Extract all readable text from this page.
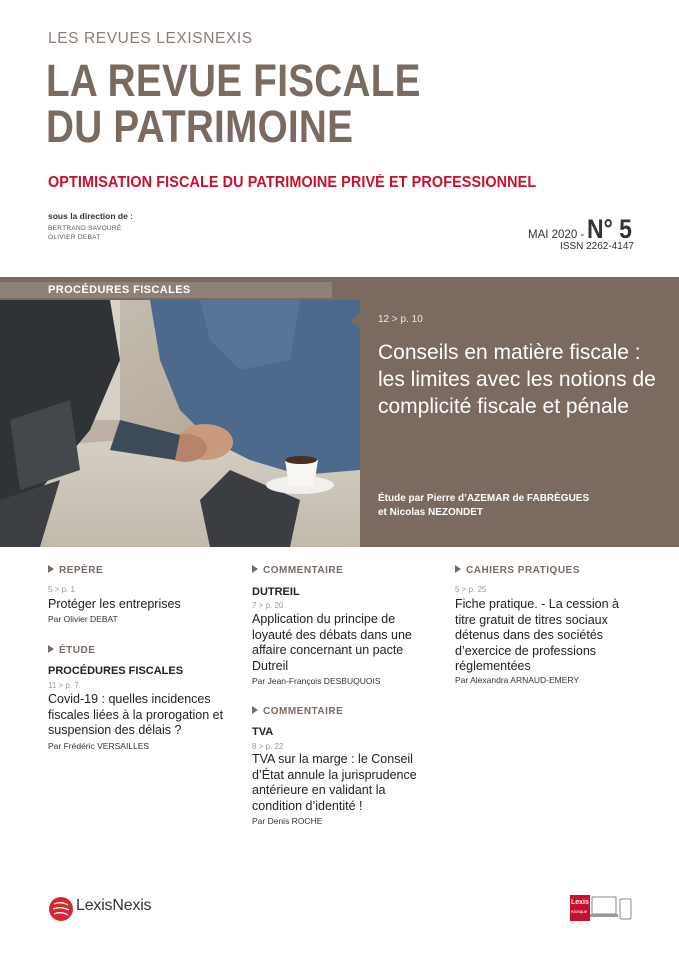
LES REVUES LEXISNEXIS
LA REVUE FISCALE
DU PATRIMOINE
OPTIMISATION FISCALE DU PATRIMOINE PRIVÉ ET PROFESSIONNEL
sous la direction de :
BERTRAND SAVOURÉ
OLIVIER DEBAT	MAI 2020 - N° 5
ISSN 2262-4147
PROCÉDURES FISCALES
12 > p. 10
Conseils en matière fiscale : les limites avec les notions de complicité fiscale et pénale
Étude par Pierre d’AZEMAR de FABRÈGUES
et Nicolas NEZONDET
REPÈRE
5 > p. 1
Protéger les entreprises
Par Olivier DEBAT
ÉTUDE
PROCÉDURES FISCALES
11 > p. 7
Covid-19 : quelles incidences fiscales liées à la prorogation et suspension des délais ?
Par Frédéric VERSAILLES
COMMENTAIRE
DUTREIL
7 > p. 20
Application du principe de loyauté des débats dans une affaire concernant un pacte Dutreil
Par Jean-François DESBUQUOIS
COMMENTAIRE
TVA
8 > p. 22
TVA sur la marge : le Conseil d’État annule la jurisprudence antérieure en validant la condition d’identité !
Par Denis ROCHE
CAHIERS PRATIQUES
5 > p. 25
Fiche pratique. - La cession à titre gratuit de titres sociaux détenus dans des sociétés d’exercice de professions réglementées
Par Alexandra ARNAUD-EMERY
LexisNexis	Lexis
Kiosque
